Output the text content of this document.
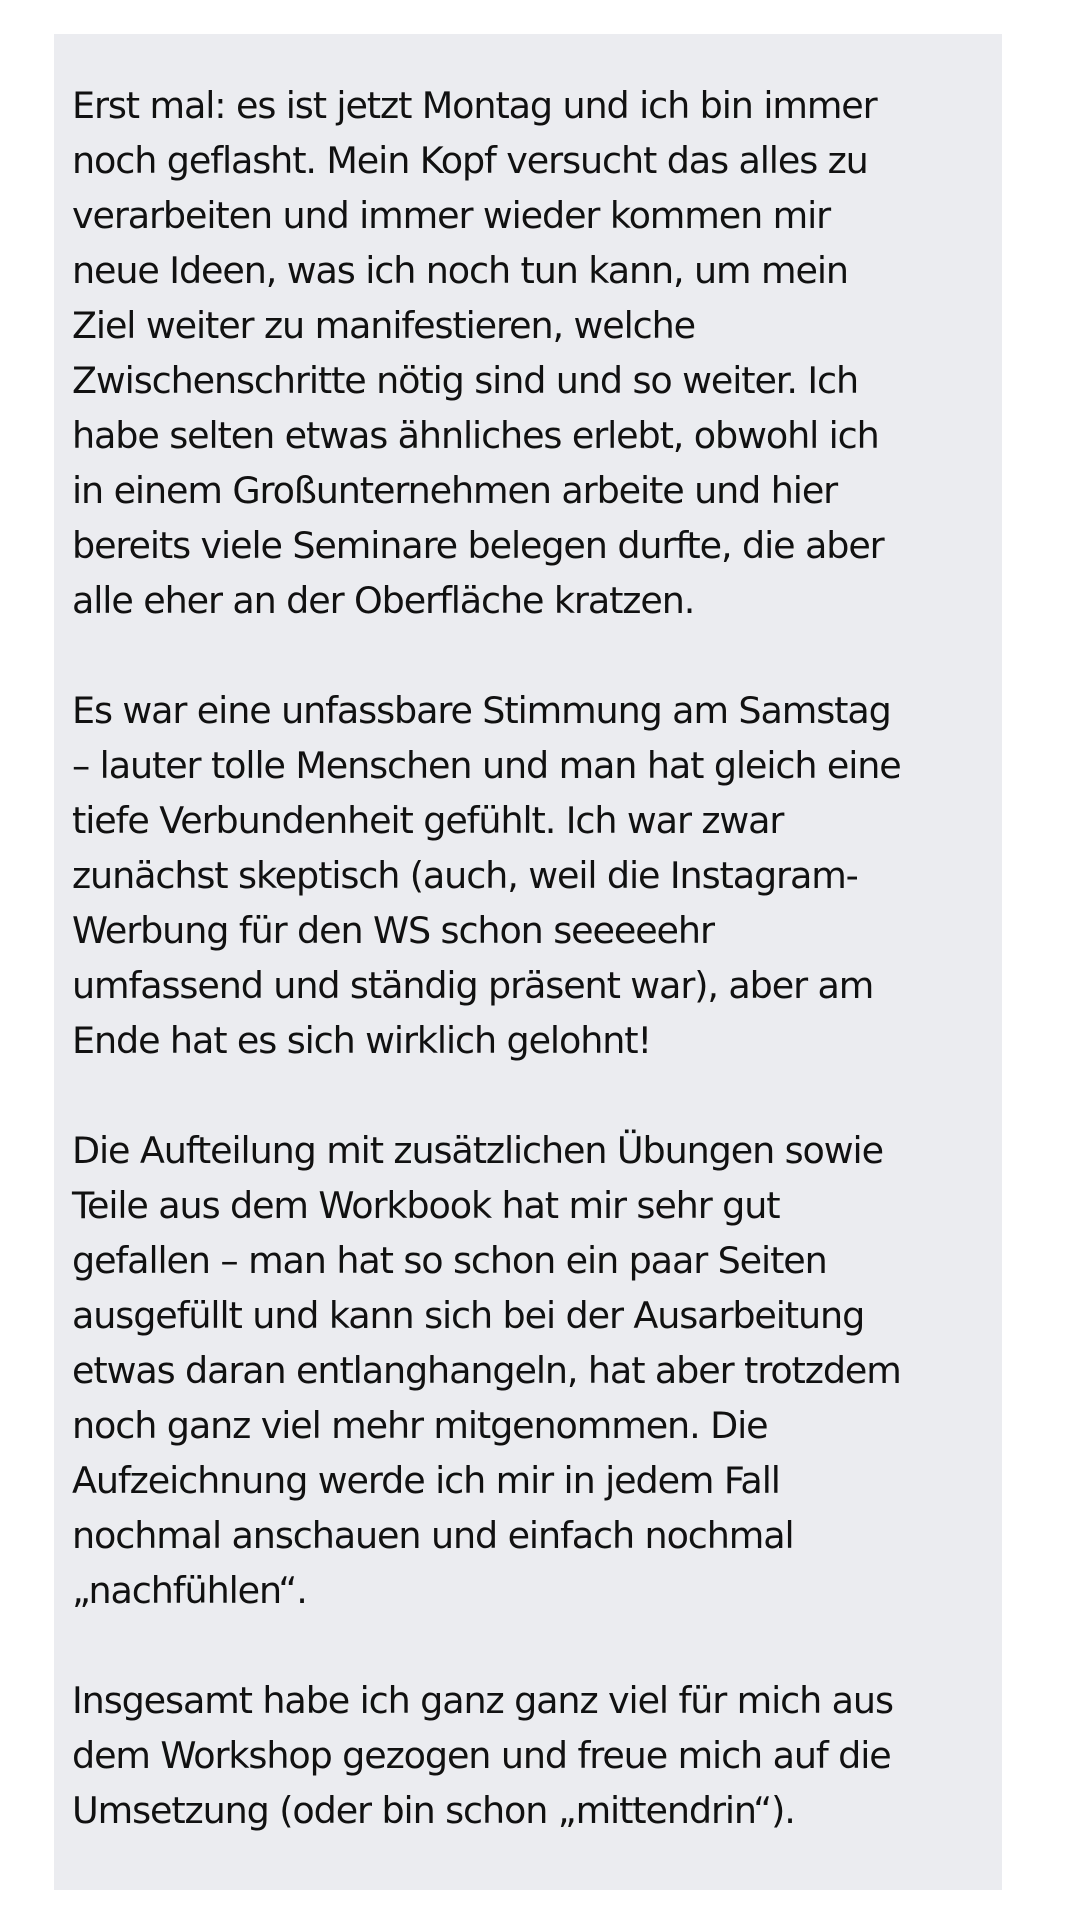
Erst mal: es ist jetzt Montag und ich bin immer
noch geflasht. Mein Kopf versucht das alles zu
verarbeiten und immer wieder kommen mir
neue Ideen, was ich noch tun kann, um mein
Ziel weiter zu manifestieren, welche
Zwischenschritte nötig sind und so weiter. Ich
habe selten etwas ähnliches erlebt, obwohl ich
in einem Großunternehmen arbeite und hier
bereits viele Seminare belegen durfte, die aber
alle eher an der Oberfläche kratzen.

Es war eine unfassbare Stimmung am Samstag
– lauter tolle Menschen und man hat gleich eine
tiefe Verbundenheit gefühlt. Ich war zwar
zunächst skeptisch (auch, weil die Instagram-
Werbung für den WS schon seeeeehr
umfassend und ständig präsent war), aber am
Ende hat es sich wirklich gelohnt!

Die Aufteilung mit zusätzlichen Übungen sowie
Teile aus dem Workbook hat mir sehr gut
gefallen – man hat so schon ein paar Seiten
ausgefüllt und kann sich bei der Ausarbeitung
etwas daran entlanghangeln, hat aber trotzdem
noch ganz viel mehr mitgenommen. Die
Aufzeichnung werde ich mir in jedem Fall
nochmal anschauen und einfach nochmal
„nachfühlen“.

Insgesamt habe ich ganz ganz viel für mich aus
dem Workshop gezogen und freue mich auf die
Umsetzung (oder bin schon „mittendrin“).
